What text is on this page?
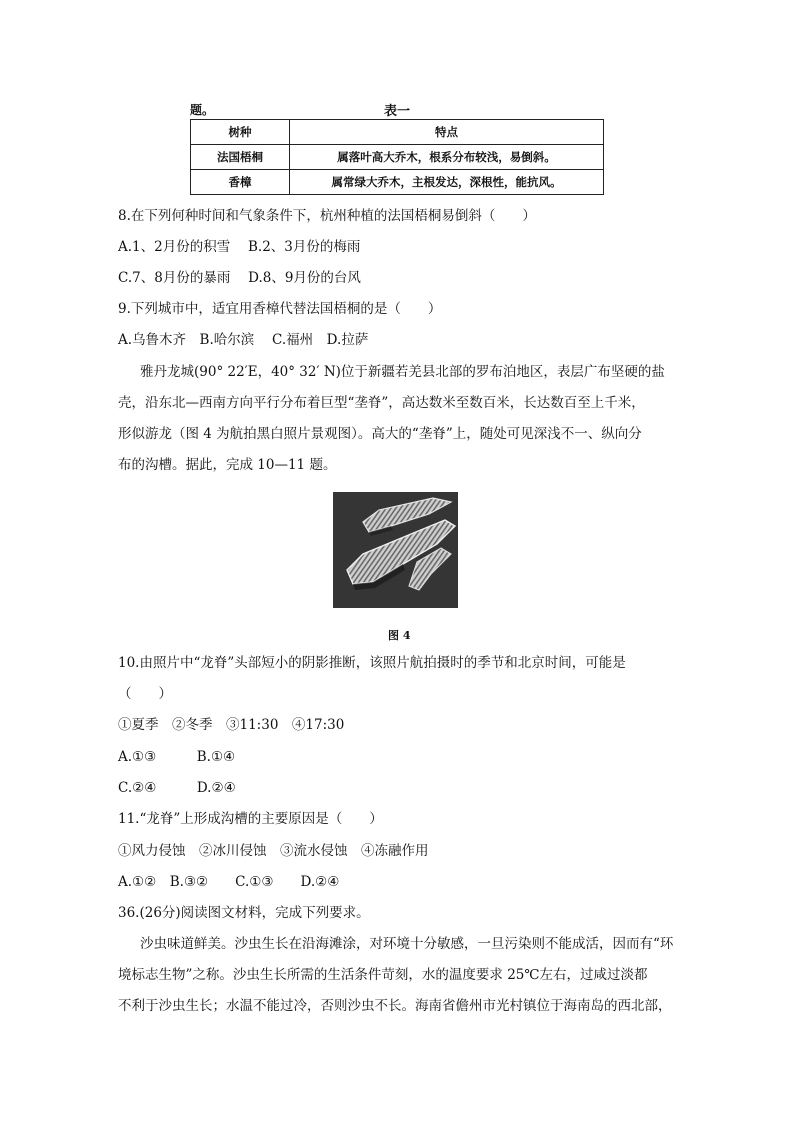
题。	表一
树种	特点
法国梧桐	属落叶高大乔木，根系分布较浅，易倒斜。
香樟	属常绿大乔木，主根发达，深根性，能抗风。
8.在下列何种时间和气象条件下，杭州种植的法国梧桐易倒斜（　　）
A.1、2月份的积雪　 B.2、3月份的梅雨
C.7、8月份的暴雨　 D.8、9月份的台风
9.下列城市中，适宜用香樟代替法国梧桐的是（　　）
A.乌鲁木齐　B.哈尔滨　 C.福州　D.拉萨
雅丹龙城(90° 22′E，40° 32′ N)位于新疆若羌县北部的罗布泊地区，表层广布坚硬的盐
壳，沿东北—西南方向平行分布着巨型“垄脊”，高达数米至数百米，长达数百至上千米，
形似游龙（图 4 为航拍黑白照片景观图）。高大的“垄脊”上，随处可见深浅不一、纵向分
布的沟槽。据此，完成 10—11 题。
图 4
10.由照片中“龙脊”头部短小的阴影推断，该照片航拍摄时的季节和北京时间，可能是
（　　）
①夏季　②冬季　③11:30　④17:30
A.①③　　　B.①④
C.②④　　　D.②④
11.“龙脊”上形成沟槽的主要原因是（　　）
①风力侵蚀　②冰川侵蚀　③流水侵蚀　④冻融作用
A.①②　B.③②　　C.①③　　D.②④
36.(26分)阅读图文材料，完成下列要求。
沙虫味道鲜美。沙虫生长在沿海滩涂，对环境十分敏感，一旦污染则不能成活，因而有“环
境标志生物”之称。沙虫生长所需的生活条件苛刻，水的温度要求 25℃左右，过咸过淡都
不利于沙虫生长；水温不能过冷，否则沙虫不长。海南省儋州市光村镇位于海南岛的西北部，
